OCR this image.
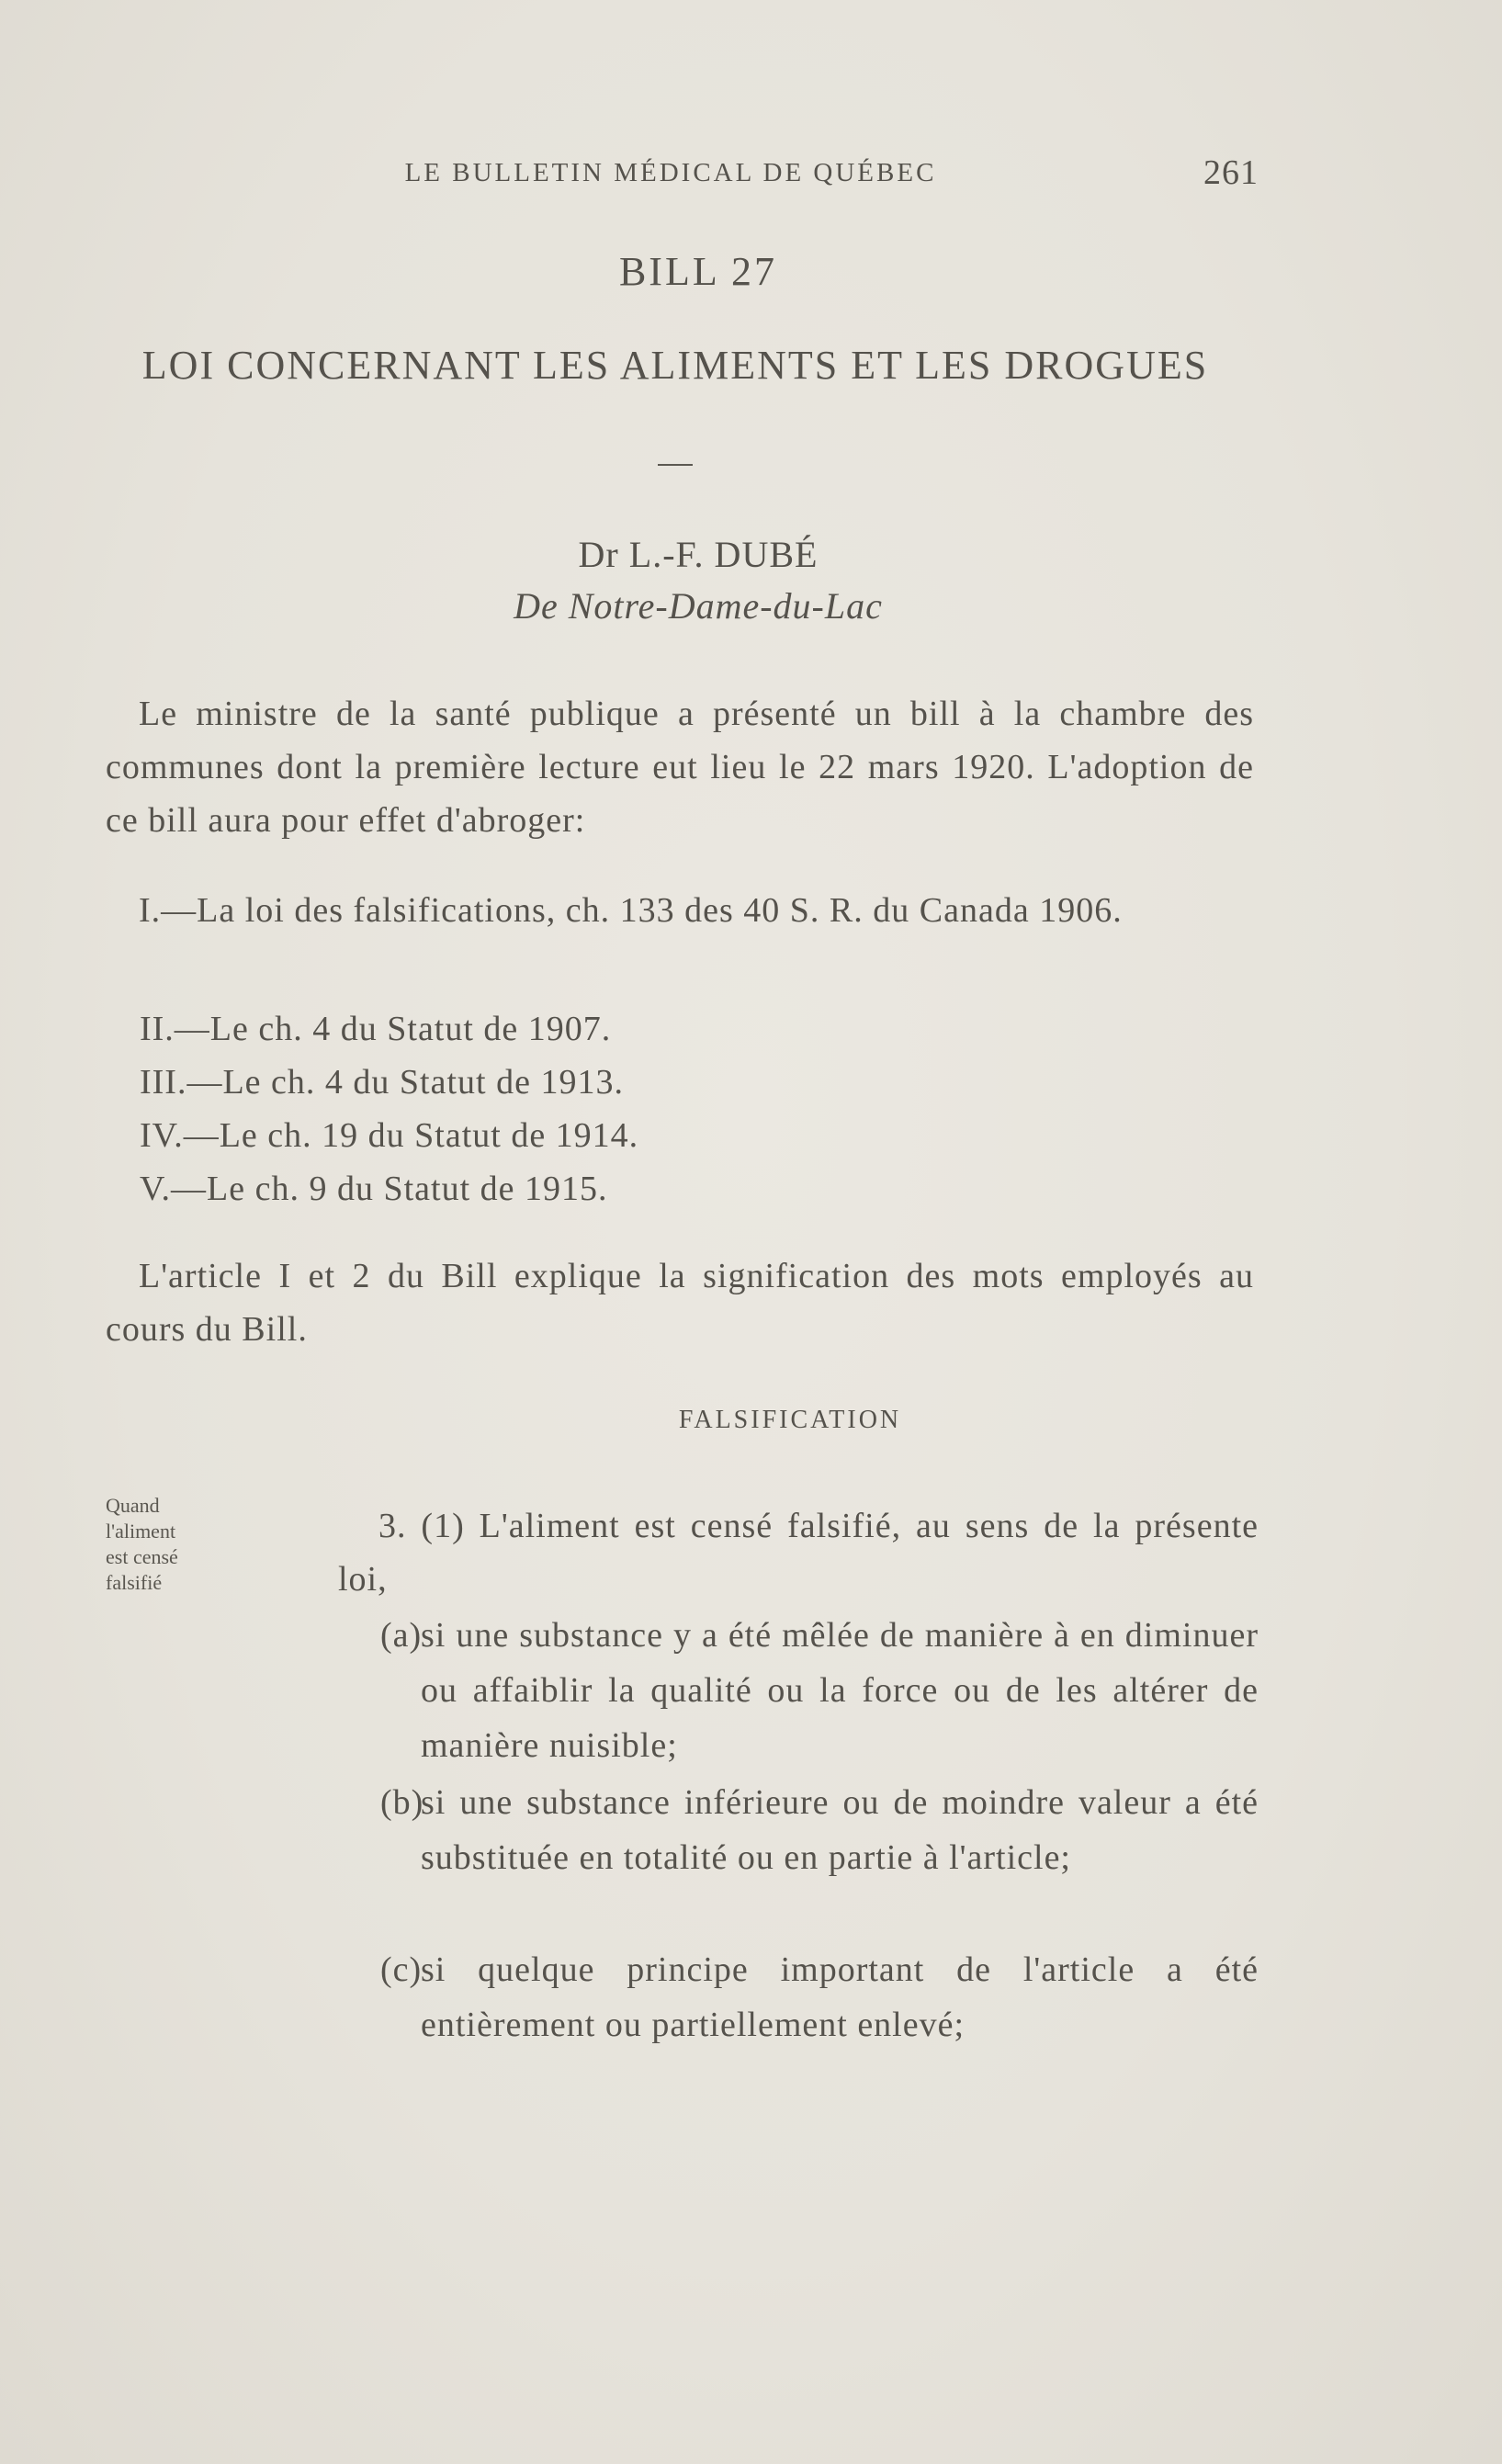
LE BULLETIN MÉDICAL DE QUÉBEC	261
BILL 27
LOI CONCERNANT LES ALIMENTS ET LES DROGUES
Dr L.-F. DUBÉ
De Notre-Dame-du-Lac

Le ministre de la santé publique a présenté un bill à la chambre des communes dont la première lecture eut lieu le 22 mars 1920. L'adoption de ce bill aura pour effet d'abroger:

I.—La loi des falsifications, ch. 133 des 40 S. R. du Canada 1906.

II.—Le ch. 4 du Statut de 1907.
III.—Le ch. 4 du Statut de 1913.
IV.—Le ch. 19 du Statut de 1914.
V.—Le ch. 9 du Statut de 1915.

L'article I et 2 du Bill explique la signification des mots employés au cours du Bill.

FALSIFICATION
Quand
l'aliment
est censé
falsifié

3. (1) L'aliment est censé falsifié, au sens de la présente loi,

(a)
si une substance y a été mêlée de manière à en diminuer ou affaiblir la qualité ou la force ou de les altérer de manière nuisible;
(b)
si une substance inférieure ou de moindre valeur a été substituée en totalité ou en partie à l'article;
(c)
si quelque principe important de l'article a été entièrement ou partiellement enlevé;
